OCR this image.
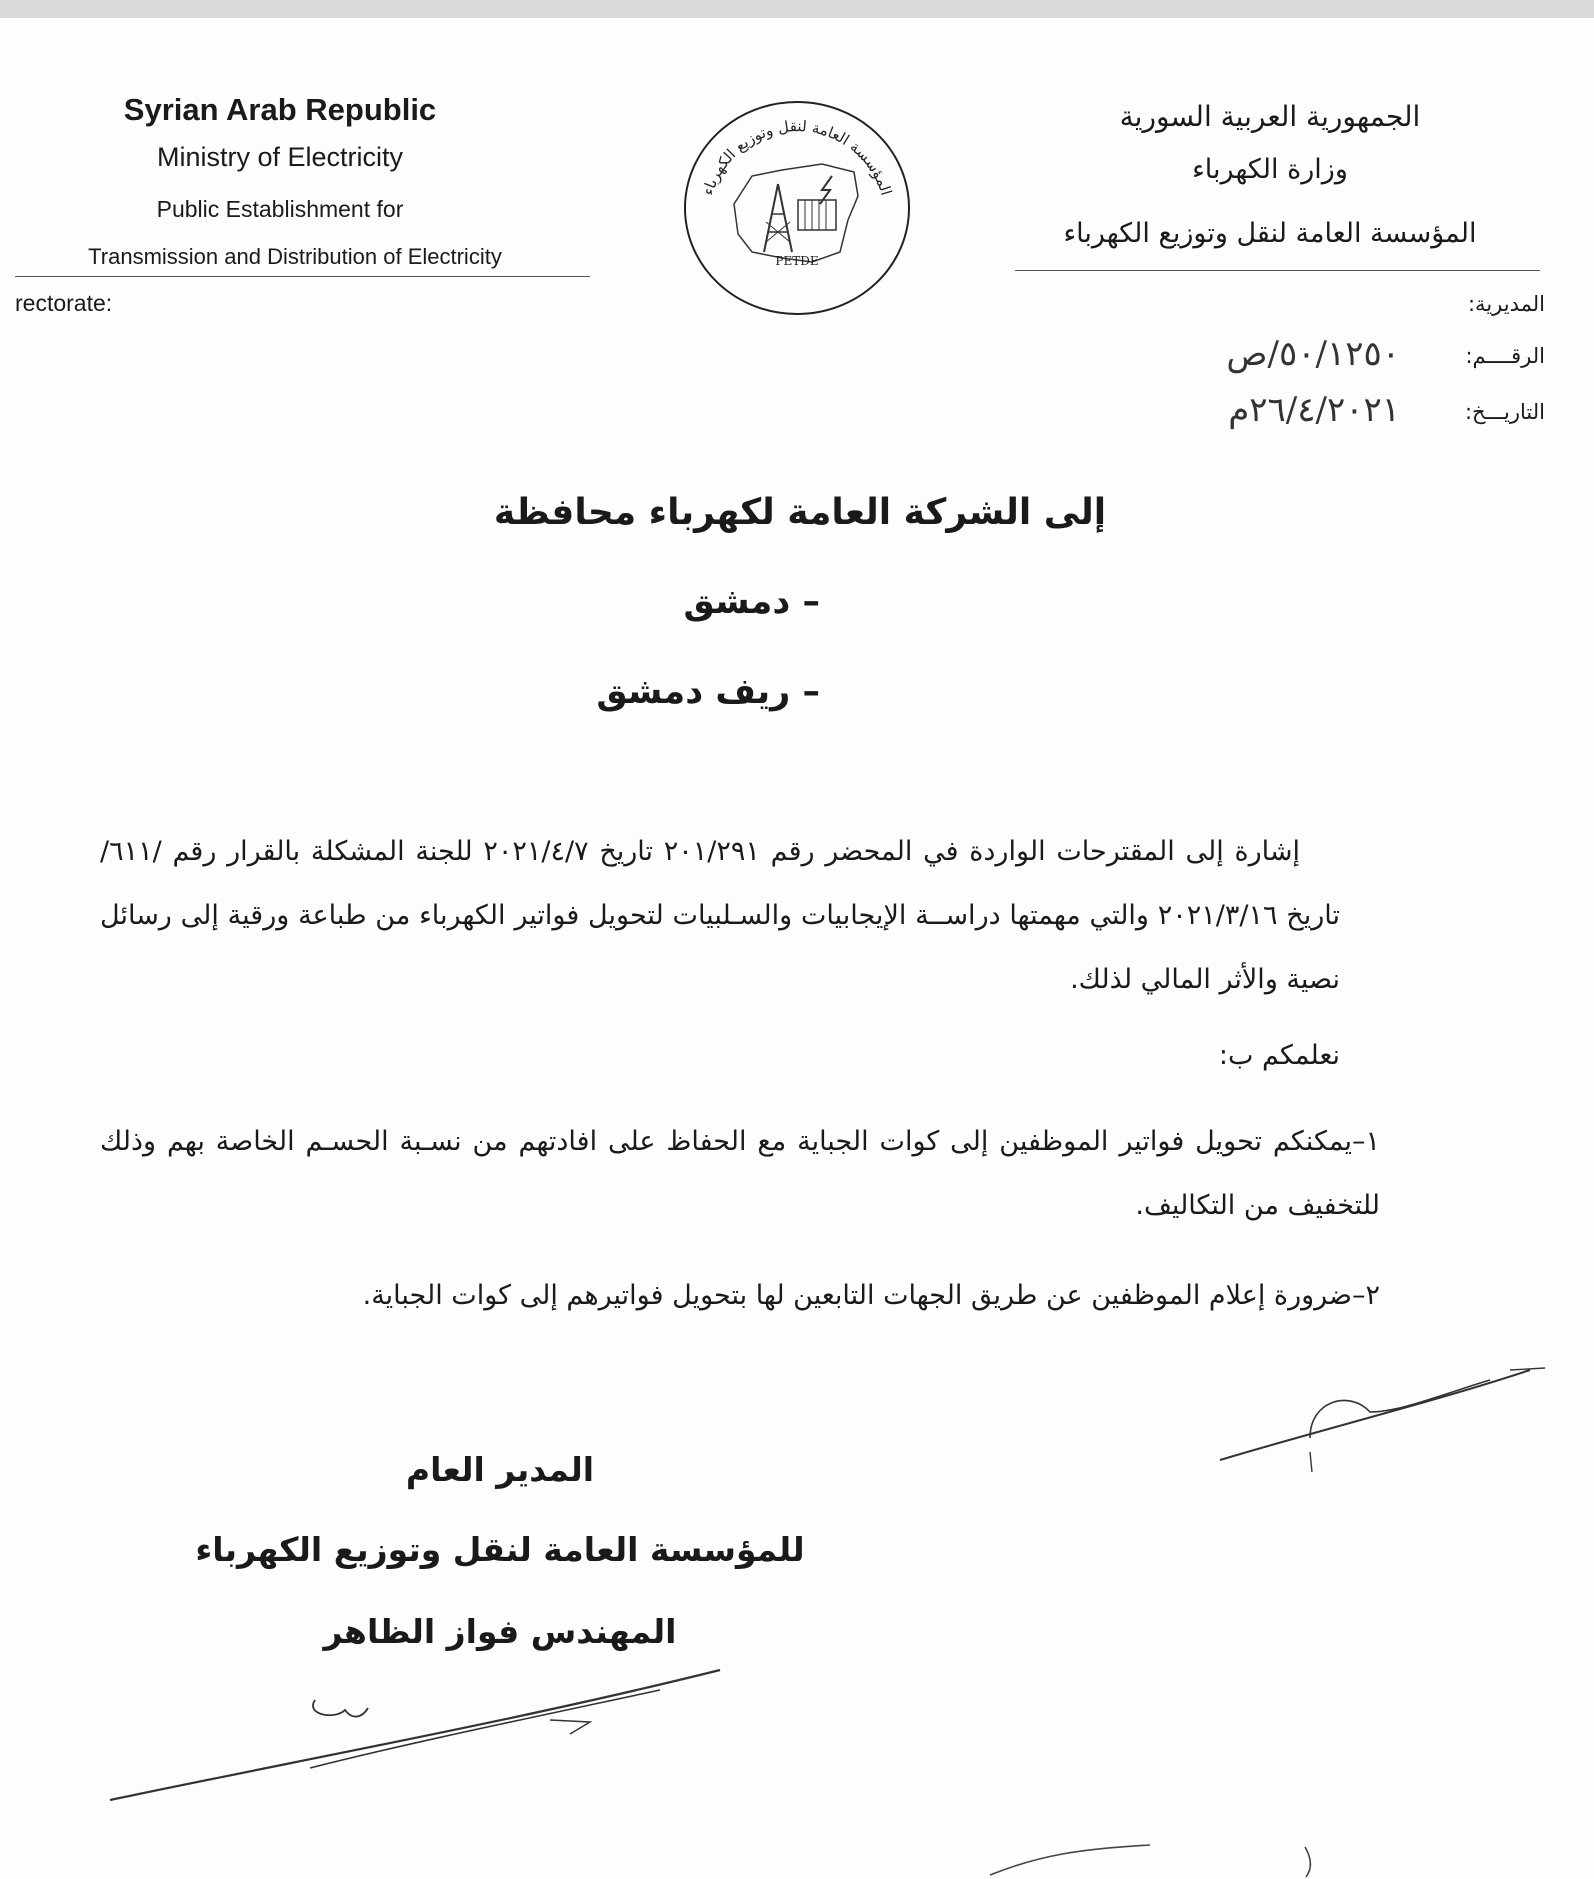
Syrian Arab Republic
Ministry of Electricity
Public Establishment for
Transmission and Distribution of Electricity
rectorate:
المؤسسة العامة لنقل وتوزيع الكهرباء
PETDE
الجمهورية العربية السورية
وزارة الكهرباء
المؤسسة العامة لنقل وتوزيع الكهرباء
المديرية:
الرقــــم:
٥٠/١٢٥٠/ص
التاريـــخ:
٢٦/٤/٢٠٢١م
إلى الشركة العامة لكهرباء محافظة
– دمشق
– ريف دمشق
إشارة إلى المقترحات الواردة في المحضر رقم ٢٠١/٢٩١ تاريخ ٢٠٢١/٤/٧ للجنة المشكلة بالقرار رقم /٦١١/ تاريخ ٢٠٢١/٣/١٦ والتي مهمتها دراســة الإيجابيات والسـلبيات لتحويل فواتير الكهرباء من طباعة ورقية إلى رسائل نصية والأثر المالي لذلك.
نعلمكم ب:
١–يمكنكم تحويل فواتير الموظفين إلى كوات الجباية مع الحفاظ على افادتهم من نسـبة الحسـم الخاصة بهم وذلك للتخفيف من التكاليف.
٢–ضرورة إعلام الموظفين عن طريق الجهات التابعين لها بتحويل فواتيرهم إلى كوات الجباية.
المدير العام
للمؤسسة العامة لنقل وتوزيع الكهرباء
المهندس فواز الظاهر
